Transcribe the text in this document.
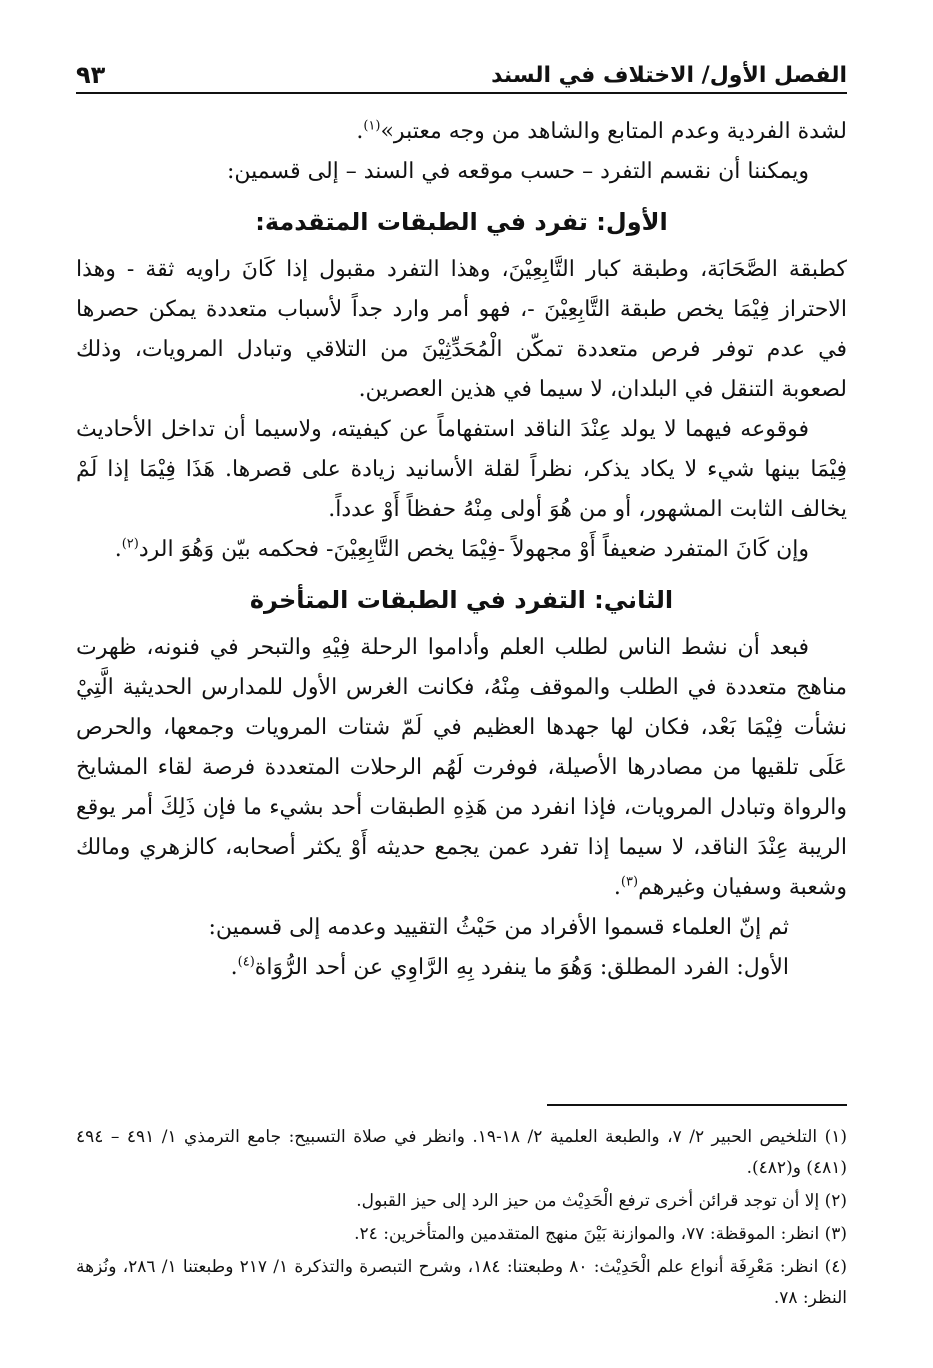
الفصل الأول/ الاختلاف في السند
٩٣

لشدة الفردية وعدم المتابع والشاهد من وجه معتبر»$^{(١)}$.

ويمكننا أن نقسم التفرد – حسب موقعه في السند – إلى قسمين:

الأول: تفرد في الطبقات المتقدمة:

كطبقة الصَّحَابَة، وطبقة كبار التَّابِعِيْنَ، وهذا التفرد مقبول إذا كَانَ راويه ثقة - وهذا الاحتراز فِيْمَا يخص طبقة التَّابِعِيْنَ -، فهو أمر وارد جداً لأسباب متعددة يمكن حصرها في عدم توفر فرص متعددة تمكّن الْمُحَدِّثِيْنَ من التلاقي وتبادل المرويات، وذلك لصعوبة التنقل في البلدان، لا سيما في هذين العصرين.

فوقوعه فيهما لا يولد عِنْدَ الناقد استفهاماً عن كيفيته، ولاسيما أن تداخل الأحاديث فِيْمَا بينها شيء لا يكاد يذكر، نظراً لقلة الأسانيد زيادة على قصرها. هَذَا فِيْمَا إذا لَمْ يخالف الثابت المشهور، أو من هُوَ أولى مِنْهُ حفظاً أَوْ عدداً.

وإن كَانَ المتفرد ضعيفاً أَوْ مجهولاً -فِيْمَا يخص التَّابِعِيْنَ- فحكمه بيّن وَهُوَ الرد$^{(٢)}$.

الثاني: التفرد في الطبقات المتأخرة

فبعد أن نشط الناس لطلب العلم وأداموا الرحلة فِيْهِ والتبحر في فنونه، ظهرت مناهج متعددة في الطلب والموقف مِنْهُ، فكانت الغرس الأول للمدارس الحديثية الَّتِيْ نشأت فِيْمَا بَعْد، فكان لها جهدها العظيم في لَمّ شتات المرويات وجمعها، والحرص عَلَى تلقيها من مصادرها الأصيلة، فوفرت لَهُم الرحلات المتعددة فرصة لقاء المشايخ والرواة وتبادل المرويات، فإذا انفرد من هَذِهِ الطبقات أحد بشيء ما فإن ذَلِكَ أمر يوقع الريبة عِنْدَ الناقد، لا سيما إذا تفرد عمن يجمع حديثه أَوْ يكثر أصحابه، كالزهري ومالك وشعبة وسفيان وغيرهم$^{(٣)}$.

ثم إنّ العلماء قسموا الأفراد من حَيْثُ التقييد وعدمه إلى قسمين:

الأول: الفرد المطلق: وَهُوَ ما ينفرد بِهِ الرَّاوِي عن أحد الرُّوَاة$^{(٤)}$.

(١) التلخيص الحبير ٢/ ٧، والطبعة العلمية ٢/ ١٨-١٩. وانظر في صلاة التسبيح: جامع الترمذي ١/ ٤٩١ – ٤٩٤ (٤٨١) و(٤٨٢).

(٢) إلا أن توجد قرائن أخرى ترفع الْحَدِيْث من حيز الرد إلى حيز القبول.

(٣) انظر: الموقظة: ٧٧، والموازنة بَيْنَ منهج المتقدمين والمتأخرين: ٢٤.

(٤) انظر: مَعْرِفَة أنواع علم الْحَدِيْث: ٨٠ وطبعتنا: ١٨٤، وشرح التبصرة والتذكرة ١/ ٢١٧ وطبعتنا ١/ ٢٨٦، ونُزهة النظر: ٧٨.
